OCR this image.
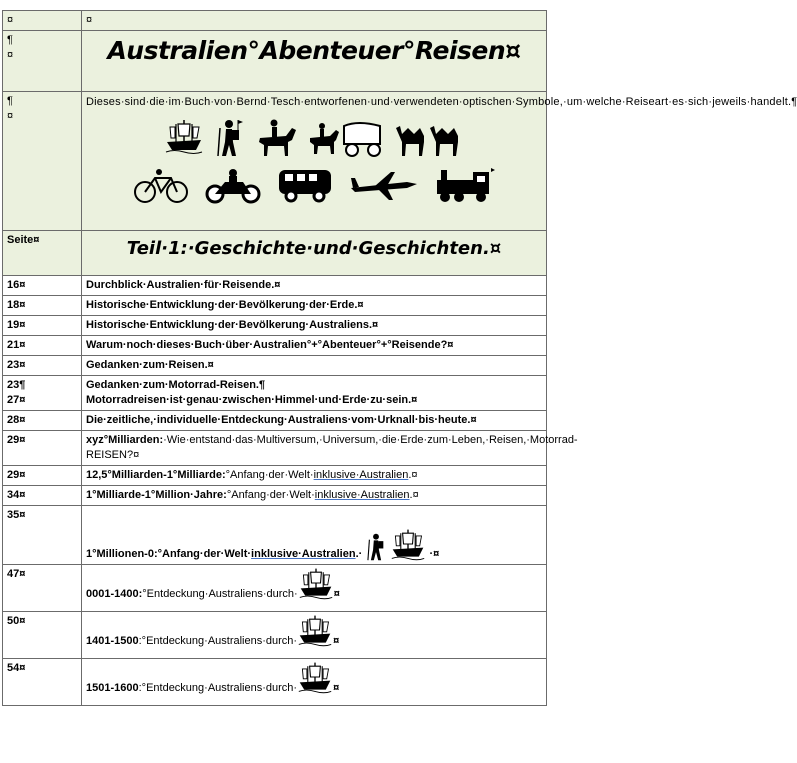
¤	¤

¶
¤	Australien°Abenteuer°Reisen¤

¶
¤	Dieses·sind·die·im·Buch·von·Bernd·Tesch·entworfenen·und·verwendeten·optischen·Symbole,·um·welche·Reiseart·es·sich·jeweils·handelt.¶

Seite¤	Teil·1:·Geschichte·und·Geschichten.¤

16¤	Durchblick·Australien·für·Reisende.¤
18¤	Historische·Entwicklung·der·Bevölkerung·der·Erde.¤
19¤	Historische·Entwicklung·der·Bevölkerung·Australiens.¤
21¤	Warum·noch·dieses·Buch·über·Australien°+°Abenteuer°+°Reisende?¤
23¤	Gedanken·zum·Reisen.¤

23¶
27¤	Gedanken·zum·Motorrad-Reisen.¶
Motorradreisen·ist·genau·zwischen·Himmel·und·Erde·zu·sein.¤

28¤	Die·zeitliche,·individuelle·Entdeckung·Australiens·vom·Urknall·bis·heute.¤
29¤	xyz°Milliarden:·Wie·entstand·das·Multiversum,·Universum,·die·Erde·zum·Leben,·Reisen,·Motorrad-REISEN?¤
29¤	12,5°Milliarden-1°Milliarde:°Anfang·der·Welt·inklusive·Australien.¤
34¤	1°Milliarde-1°Million·Jahre:°Anfang·der·Welt·inklusive·Australien.¤
35¤	1°Millionen-0:°Anfang·der·Welt·inklusive·Australien.· ·¤
47¤	0001-1400:°Entdeckung·Australiens·durch· ¤
50¤	1401-1500:°Entdeckung·Australiens·durch· ¤
54¤	1501-1600:°Entdeckung·Australiens·durch· ¤
